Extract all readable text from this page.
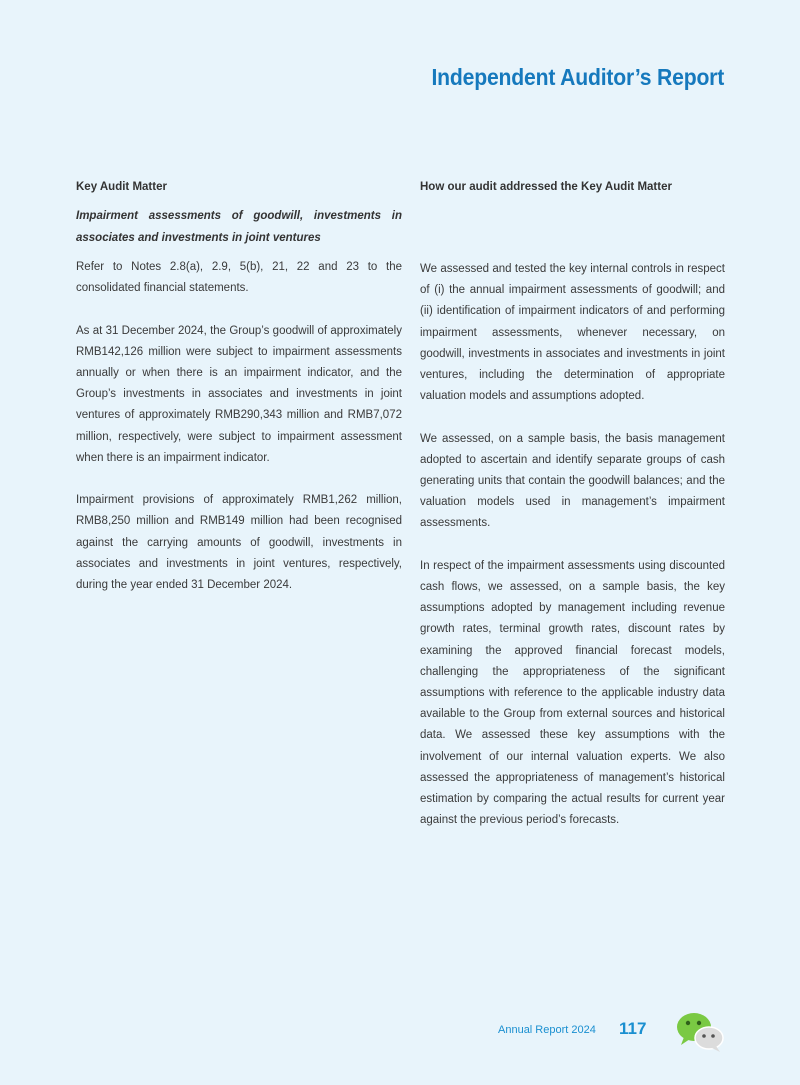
Independent Auditor’s Report
Key Audit Matter
Impairment assessments of goodwill, investments in associates and investments in joint ventures

Refer to Notes 2.8(a), 2.9, 5(b), 21, 22 and 23 to the consolidated financial statements.

As at 31 December 2024, the Group’s goodwill of approximately RMB142,126 million were subject to impairment assessments annually or when there is an impairment indicator, and the Group’s investments in associates and investments in joint ventures of approximately RMB290,343 million and RMB7,072 million, respectively, were subject to impairment assessment when there is an impairment indicator.

Impairment provisions of approximately RMB1,262 million, RMB8,250 million and RMB149 million had been recognised against the carrying amounts of goodwill, investments in associates and investments in joint ventures, respectively, during the year ended 31 December 2024.

How our audit addressed the Key Audit Matter

We assessed and tested the key internal controls in respect of (i) the annual impairment assessments of goodwill; and (ii) identification of impairment indicators of and performing impairment assessments, whenever necessary, on goodwill, investments in associates and investments in joint ventures, including the determination of appropriate valuation models and assumptions adopted.

We assessed, on a sample basis, the basis management adopted to ascertain and identify separate groups of cash generating units that contain the goodwill balances; and the valuation models used in management’s impairment assessments.

In respect of the impairment assessments using discounted cash flows, we assessed, on a sample basis, the key assumptions adopted by management including revenue growth rates, terminal growth rates, discount rates by examining the approved financial forecast models, challenging the appropriateness of the significant assumptions with reference to the applicable industry data available to the Group from external sources and historical data. We assessed these key assumptions with the involvement of our internal valuation experts. We also assessed the appropriateness of management’s historical estimation by comparing the actual results for current year against the previous period’s forecasts.

Annual Report 2024 117
